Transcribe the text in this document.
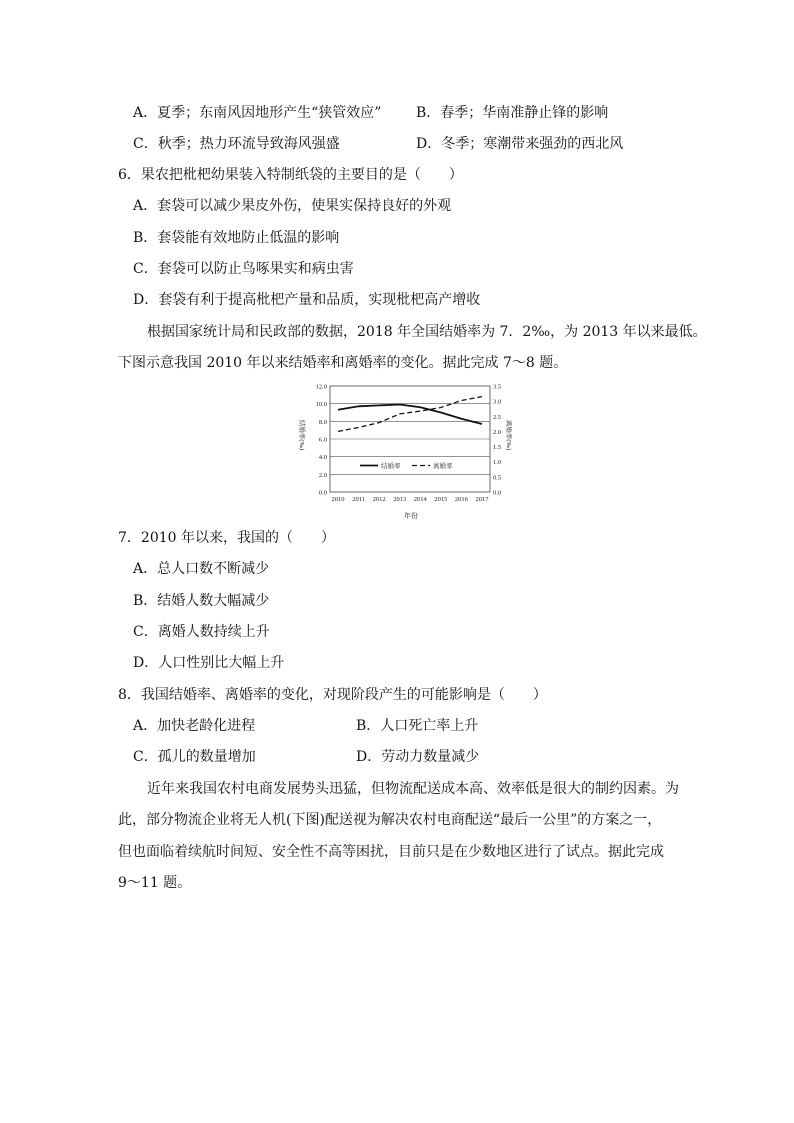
A．夏季；东南风因地形产生“狭管效应” B．春季；华南准静止锋的影响
C．秋季；热力环流导致海风强盛	D．冬季；寒潮带来强劲的西北风
6．果农把枇杷幼果装入特制纸袋的主要目的是（　　）
A．套袋可以减少果皮外伤，使果实保持良好的外观
B．套袋能有效地防止低温的影响
C．套袋可以防止鸟啄果实和病虫害
D．套袋有利于提高枇杷产量和品质，实现枇杷高产增收
根据国家统计局和民政部的数据，2018 年全国结婚率为 7．2‰，为 2013 年以来最低。
下图示意我国 2010 年以来结婚率和离婚率的变化。据此完成 7～8 题。
0.0
2.0
4.0
6.0
8.0
10.0
12.0
0.0
0.5
1.0
1.5
2.0
2.5
3.0
3.5
2010 2011 2012 2013 2014 2015 2016 2017
结婚率	离婚率
年份
结婚率(‰)	离婚率(‰)
7．2010 年以来，我国的（　　）
A．总人口数不断减少
B．结婚人数大幅减少
C．离婚人数持续上升
D．人口性别比大幅上升
8．我国结婚率、离婚率的变化，对现阶段产生的可能影响是（　　）
A．加快老龄化进程	B．人口死亡率上升
C．孤儿的数量增加	D．劳动力数量减少
近年来我国农村电商发展势头迅猛，但物流配送成本高、效率低是很大的制约因素。为
此，部分物流企业将无人机(下图)配送视为解决农村电商配送“最后一公里”的方案之一，
但也面临着续航时间短、安全性不高等困扰，目前只是在少数地区进行了试点。据此完成
9～11 题。
